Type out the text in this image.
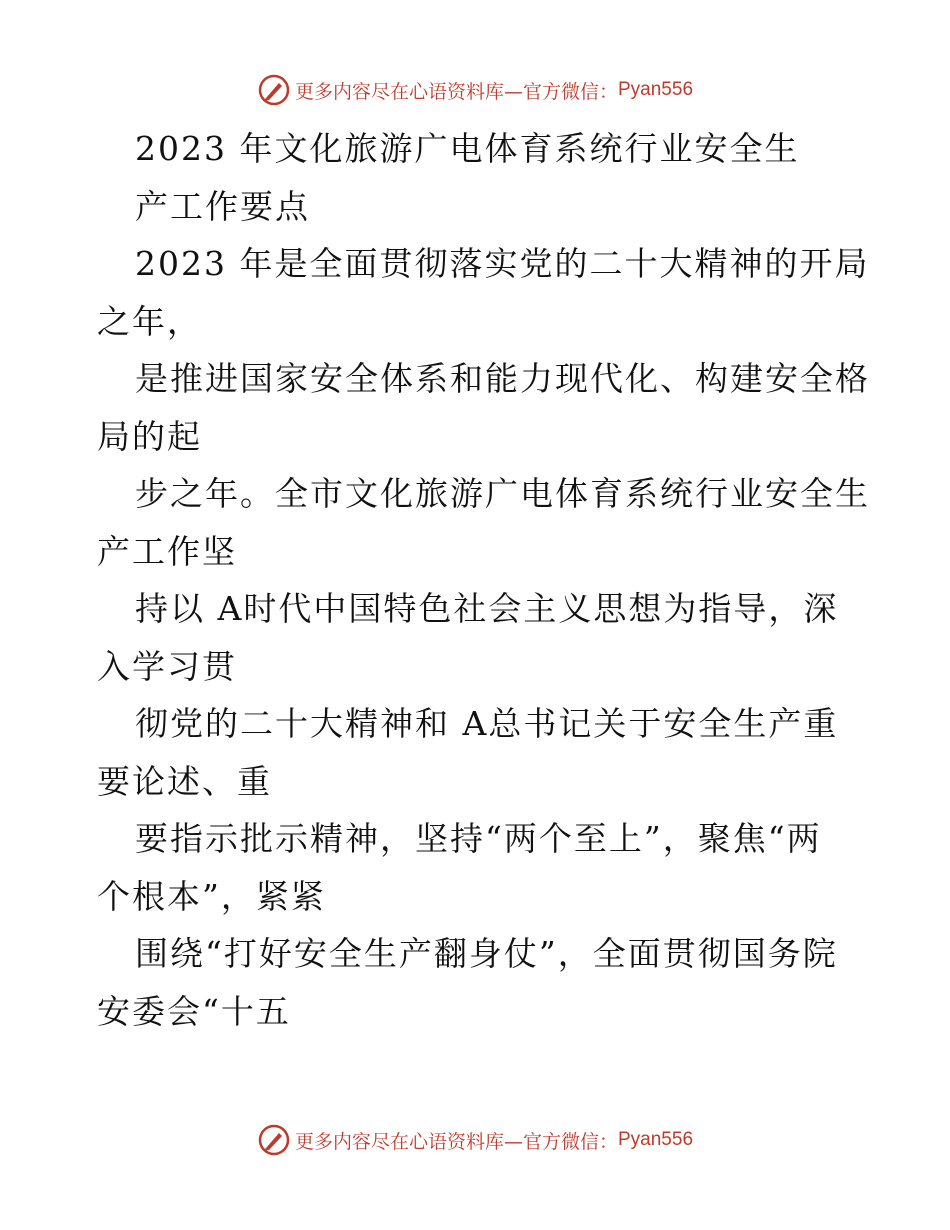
更多内容尽在心语资料库—官方微信： Pyan556
2023 年文化旅游广电体育系统行业安全生
产工作要点
2023 年是全面贯彻落实党的二十大精神的开局
之年，
是推进国家安全体系和能力现代化、构建安全格
局的起
步之年。全市文化旅游广电体育系统行业安全生
产工作坚
持以 A时代中国特色社会主义思想为指导，深
入学习贯
彻党的二十大精神和 A总书记关于安全生产重
要论述、重
要指示批示精神，坚持“两个至上”，聚焦“两
个根本”，紧紧
围绕“打好安全生产翻身仗”，全面贯彻国务院
安委会“十五
更多内容尽在心语资料库—官方微信： Pyan556
